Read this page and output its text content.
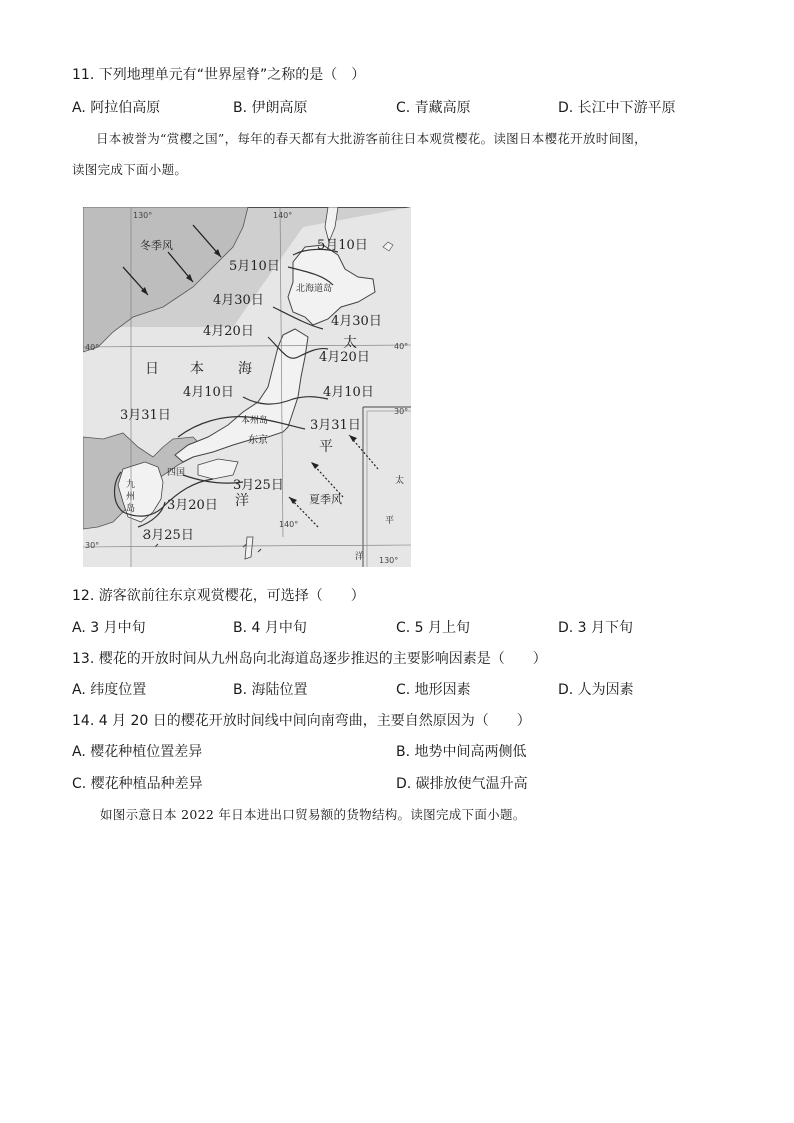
11. 下列地理单元有“世界屋脊”之称的是（　）
A. 阿拉伯高原	B. 伊朗高原	C. 青藏高原	D. 长江中下游平原
日本被誉为“赏樱之国”，每年的春天都有大批游客前往日本观赏樱花。读图日本樱花开放时间图，
读图完成下面小题。
130°	140°
140°
130°
40°	40°
30°
30°
冬季风
夏季风
北海道岛
本州岛
东京
四国
九
州
岛
日 本 海
太
平
洋
太
平
洋
5月10日
5月10日
4月30日
4月30日
4月20日
4月20日
4月10日	4月10日
3月31日
3月31日
3月25日
3月25日
3月20日
12. 游客欲前往东京观赏樱花，可选择（　　）
A. 3 月中旬	B. 4 月中旬	C. 5 月上旬	D. 3 月下旬
13. 樱花的开放时间从九州岛向北海道岛逐步推迟的主要影响因素是（　　）
A. 纬度位置	B. 海陆位置	C. 地形因素	D. 人为因素
14. 4 月 20 日的樱花开放时间线中间向南弯曲，主要自然原因为（　　）
A. 樱花种植位置差异	B. 地势中间高两侧低
C. 樱花种植品种差异	D. 碳排放使气温升高
如图示意日本 2022 年日本进出口贸易额的货物结构。读图完成下面小题。
